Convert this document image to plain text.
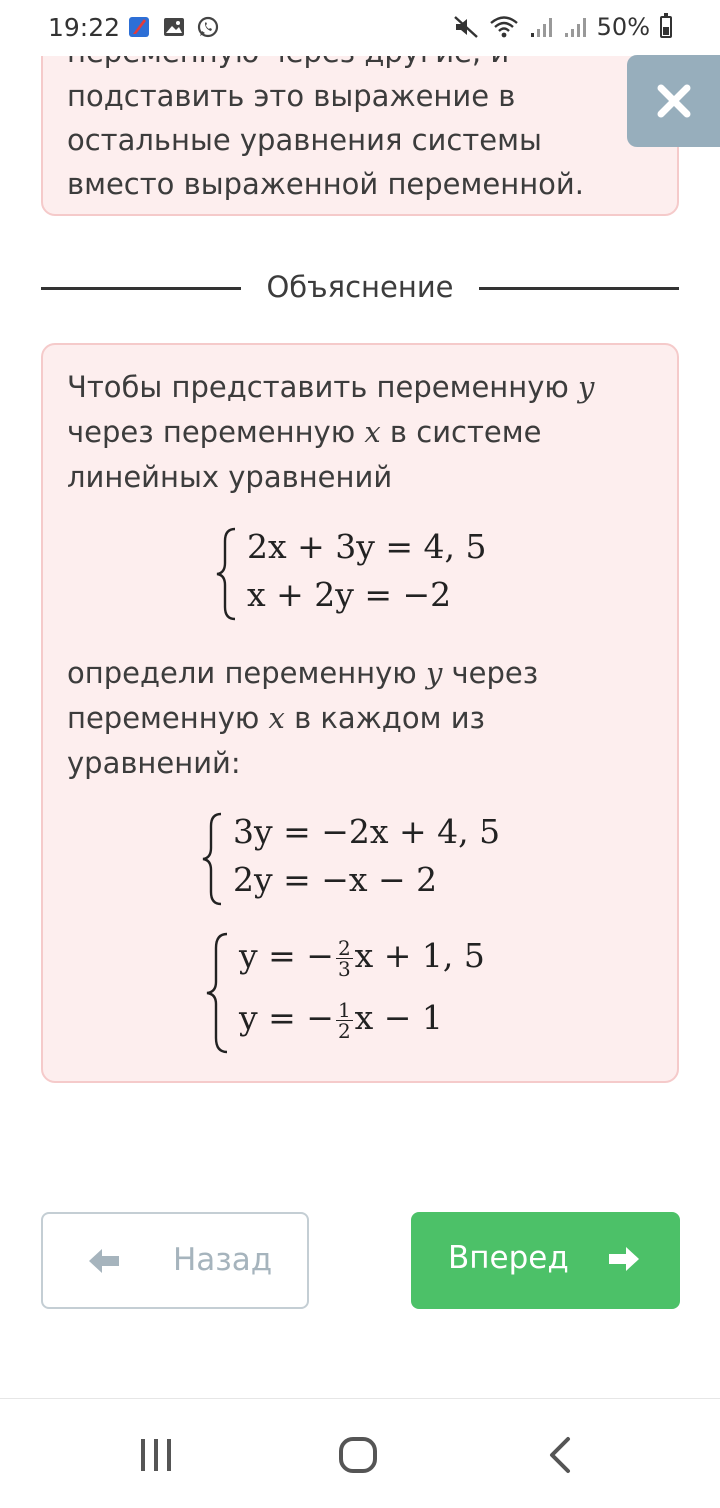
19:22	50%
подставить это выражение в
остальные уравнения системы
вместо выраженной переменной.
Объяснение
Чтобы представить переменную y
через переменную x в системе
линейных уравнений
2x + 3y = 4, 5
x + 2y = −2
определи переменную y через
переменную x в каждом из
уравнений:
3y = −2x + 4, 5
2y = −x − 2
y = − $\frac{2}{3}$ x + 1, 5
y = − $\frac{1}{2}$ x − 1
Назад	Вперед
